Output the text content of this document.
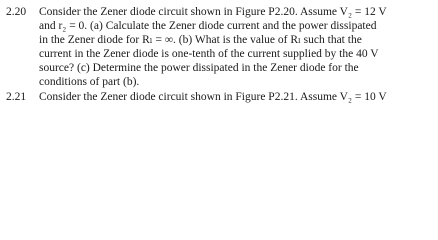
2.20 Consider the Zener diode circuit shown in Figure P2.20. Assume V₂ = 12 V
and r₂ = 0. (a) Calculate the Zener diode current and the power dissipated
in the Zener diode for Rₗ = ∞. (b) What is the value of Rₗ such that the
current in the Zener diode is one-tenth of the current supplied by the 40 V
source? (c) Determine the power dissipated in the Zener diode for the
conditions of part (b).
2.21 Consider the Zener diode circuit shown in Figure P2.21. Assume V₂ = 10 V
